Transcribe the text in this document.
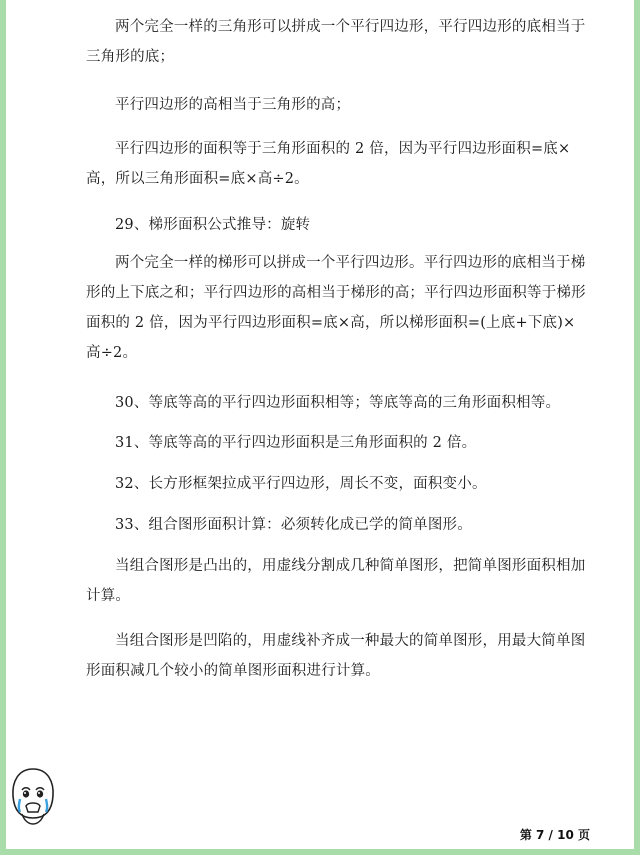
两个完全一样的三角形可以拼成一个平行四边形，平行四边形的底相当于三角形的底；

平行四边形的高相当于三角形的高；

平行四边形的面积等于三角形面积的 2 倍，因为平行四边形面积=底×高，所以三角形面积=底×高÷2。

29、梯形面积公式推导：旋转

两个完全一样的梯形可以拼成一个平行四边形。平行四边形的底相当于梯形的上下底之和；平行四边形的高相当于梯形的高；平行四边形面积等于梯形面积的 2 倍，因为平行四边形面积=底×高，所以梯形面积=(上底+下底)×高÷2。

30、等底等高的平行四边形面积相等；等底等高的三角形面积相等。

31、等底等高的平行四边形面积是三角形面积的 2 倍。

32、长方形框架拉成平行四边形，周长不变，面积变小。

33、组合图形面积计算：必须转化成已学的简单图形。

当组合图形是凸出的，用虚线分割成几种简单图形，把简单图形面积相加计算。

当组合图形是凹陷的，用虚线补齐成一种最大的简单图形，用最大简单图形面积减几个较小的简单图形面积进行计算。

第 7 / 10 页
